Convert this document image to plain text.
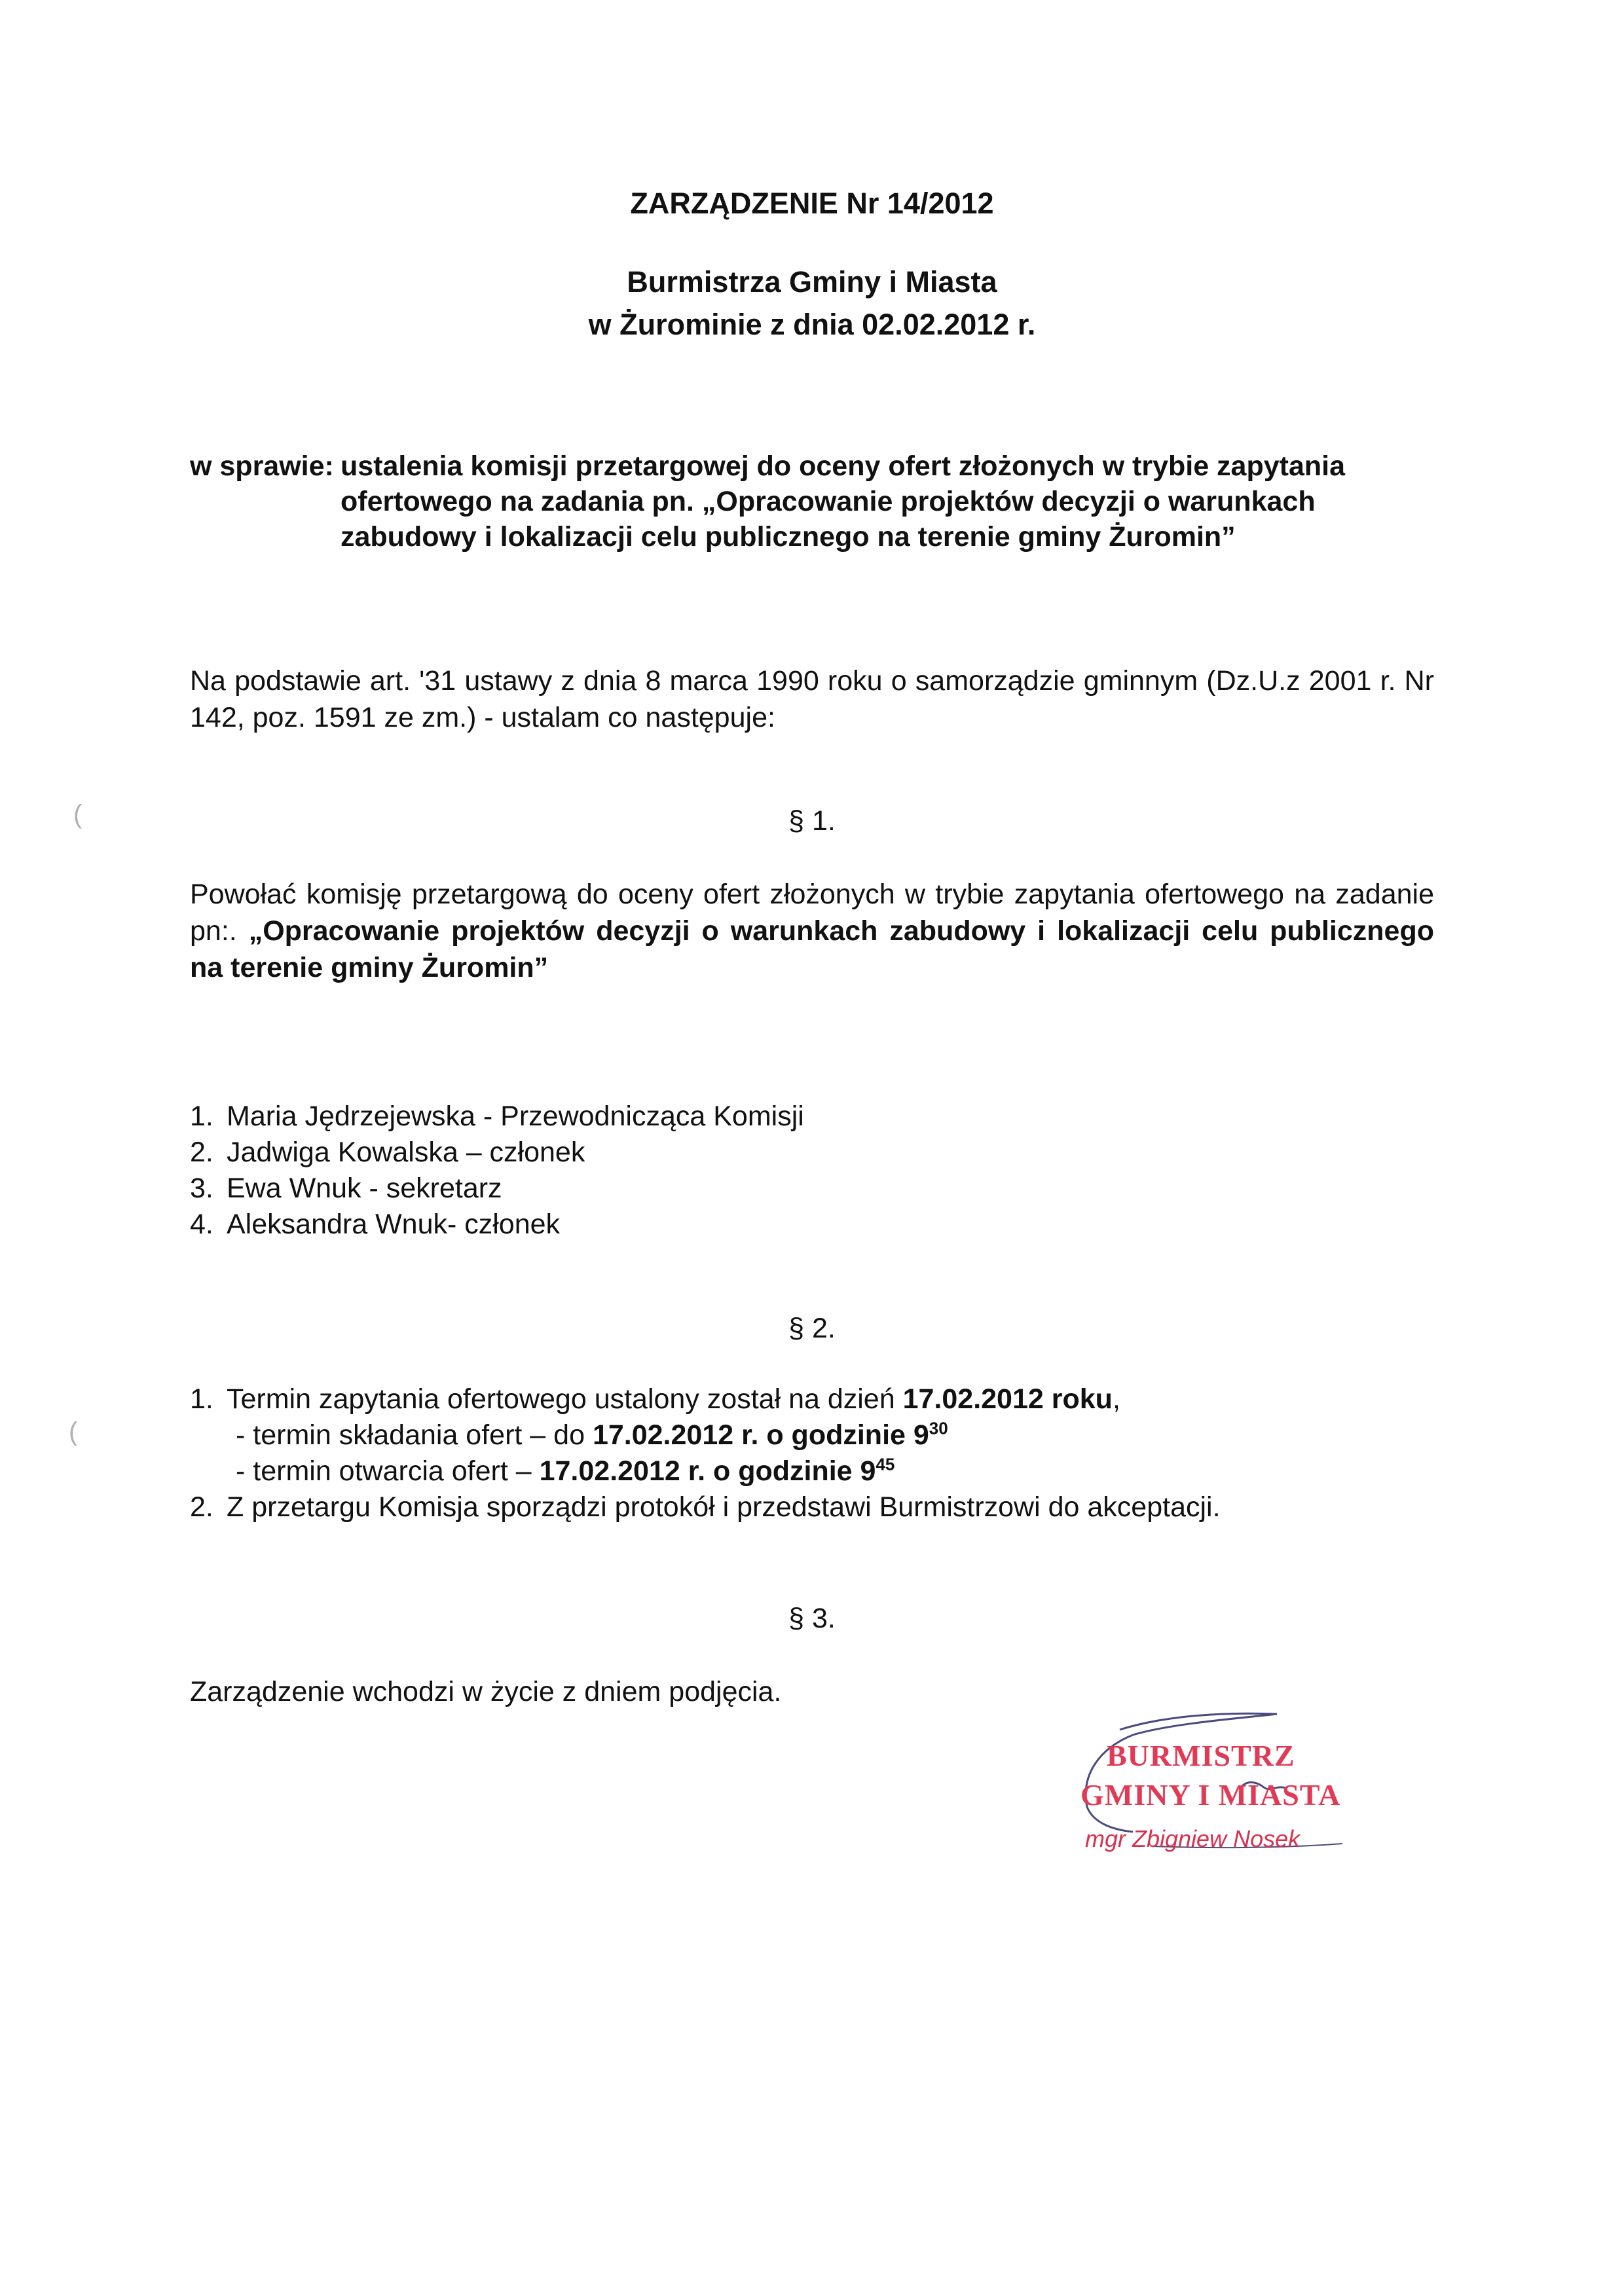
ZARZĄDZENIE Nr 14/2012
Burmistrza Gminy i Miasta
w Żurominie z dnia 02.02.2012 r.
w sprawie: ustalenia komisji przetargowej do oceny ofert złożonych w trybie zapytania
ofertowego na zadania pn. „Opracowanie projektów decyzji o warunkach
zabudowy i lokalizacji celu publicznego na terenie gminy Żuromin”
Na podstawie art. '31 ustawy z dnia 8 marca 1990 roku o samorządzie gminnym (Dz.U.z 2001 r. Nr 142, poz. 1591 ze zm.) - ustalam co następuje:
(
(
§ 1.
Powołać komisję przetargową do oceny ofert złożonych w trybie zapytania ofertowego na zadanie pn:. „Opracowanie projektów decyzji o warunkach zabudowy i lokalizacji celu publicznego na terenie gminy Żuromin”
1. Maria Jędrzejewska - Przewodnicząca Komisji
2. Jadwiga Kowalska – członek
3. Ewa Wnuk - sekretarz
4. Aleksandra Wnuk- członek
§ 2.
1. Termin zapytania ofertowego ustalony został na dzień 17.02.2012 roku,
- termin składania ofert – do 17.02.2012 r. o godzinie $9^{30}$
- termin otwarcia ofert – 17.02.2012 r. o godzinie $9^{45}$
2. Z przetargu Komisja sporządzi protokół i przedstawi Burmistrzowi do akceptacji.
§ 3.
Zarządzenie wchodzi w życie z dniem podjęcia.
BURMISTRZ
GMINY I MIASTA
mgr Zbigniew Nosek
